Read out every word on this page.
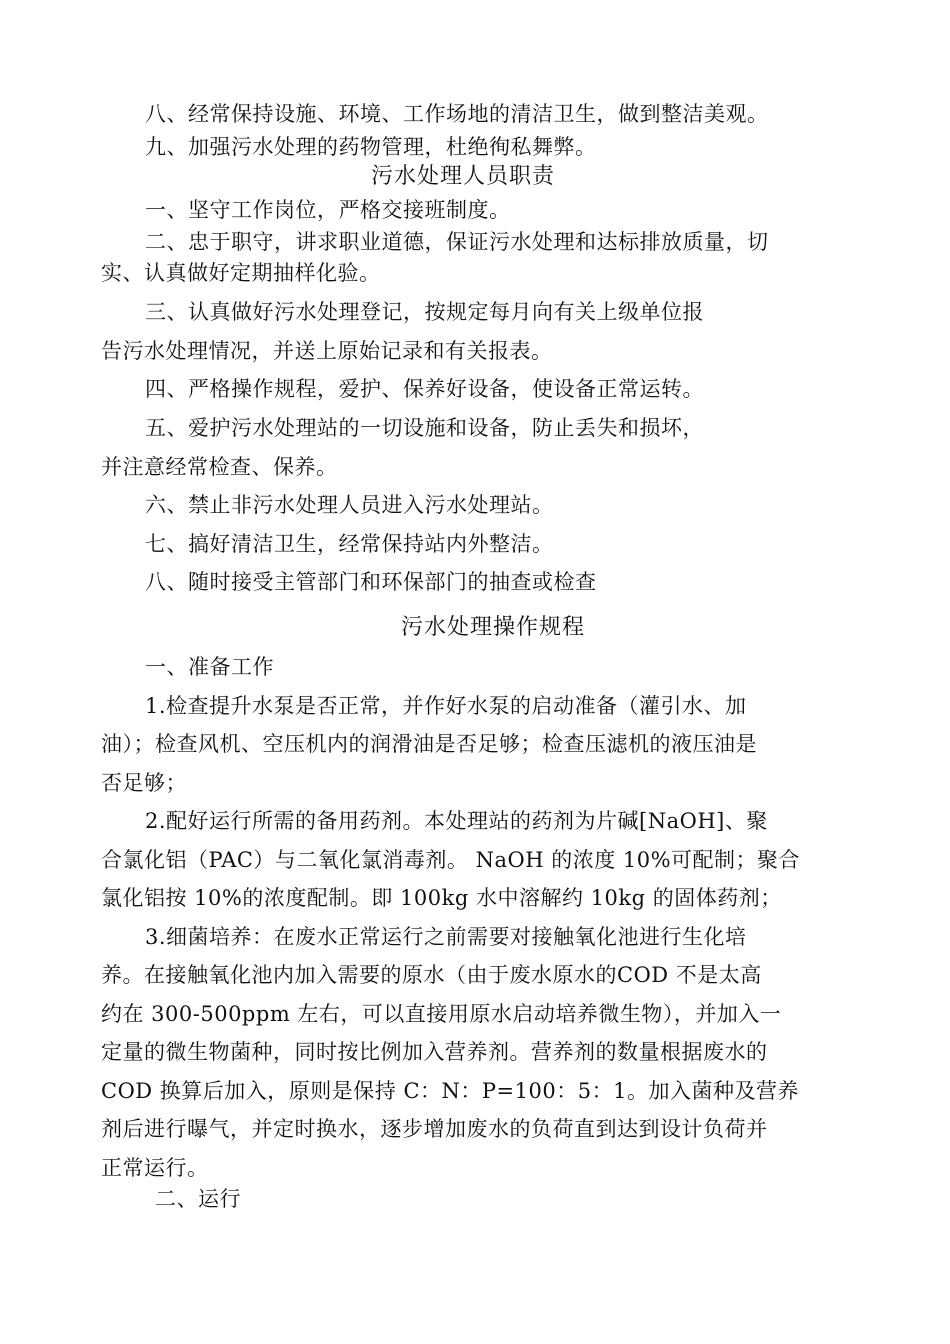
八、经常保持设施、环境、工作场地的清洁卫生，做到整洁美观。
九、加强污水处理的药物管理，杜绝徇私舞弊。
污水处理人员职责
一、坚守工作岗位，严格交接班制度。
二、忠于职守，讲求职业道德，保证污水处理和达标排放质量，切
实、认真做好定期抽样化验。
三、认真做好污水处理登记，按规定每月向有关上级单位报
告污水处理情况，并送上原始记录和有关报表。
四、严格操作规程，爱护、保养好设备，使设备正常运转。
五、爱护污水处理站的一切设施和设备，防止丢失和损坏，
并注意经常检查、保养。
六、禁止非污水处理人员进入污水处理站。
七、搞好清洁卫生，经常保持站内外整洁。
八、随时接受主管部门和环保部门的抽查或检查
污水处理操作规程
一、准备工作
1.检查提升水泵是否正常，并作好水泵的启动准备（灌引水、加
油）；检查风机、空压机内的润滑油是否足够；检查压滤机的液压油是
否足够；
2.配好运行所需的备用药剂。本处理站的药剂为片碱[NaOH]、聚
合氯化铝（PAC）与二氧化氯消毒剂。 NaOH 的浓度 10%可配制；聚合
氯化铝按 10%的浓度配制。即 100kg 水中溶解约 10kg 的固体药剂；
3.细菌培养：在废水正常运行之前需要对接触氧化池进行生化培
养。在接触氧化池内加入需要的原水（由于废水原水的COD 不是太高
约在 300-500ppm 左右，可以直接用原水启动培养微生物），并加入一
定量的微生物菌种，同时按比例加入营养剂。营养剂的数量根据废水的
COD 换算后加入，原则是保持 C：N：P=100：5：1。加入菌种及营养
剂后进行曝气，并定时换水，逐步增加废水的负荷直到达到设计负荷并
正常运行。
二、运行
